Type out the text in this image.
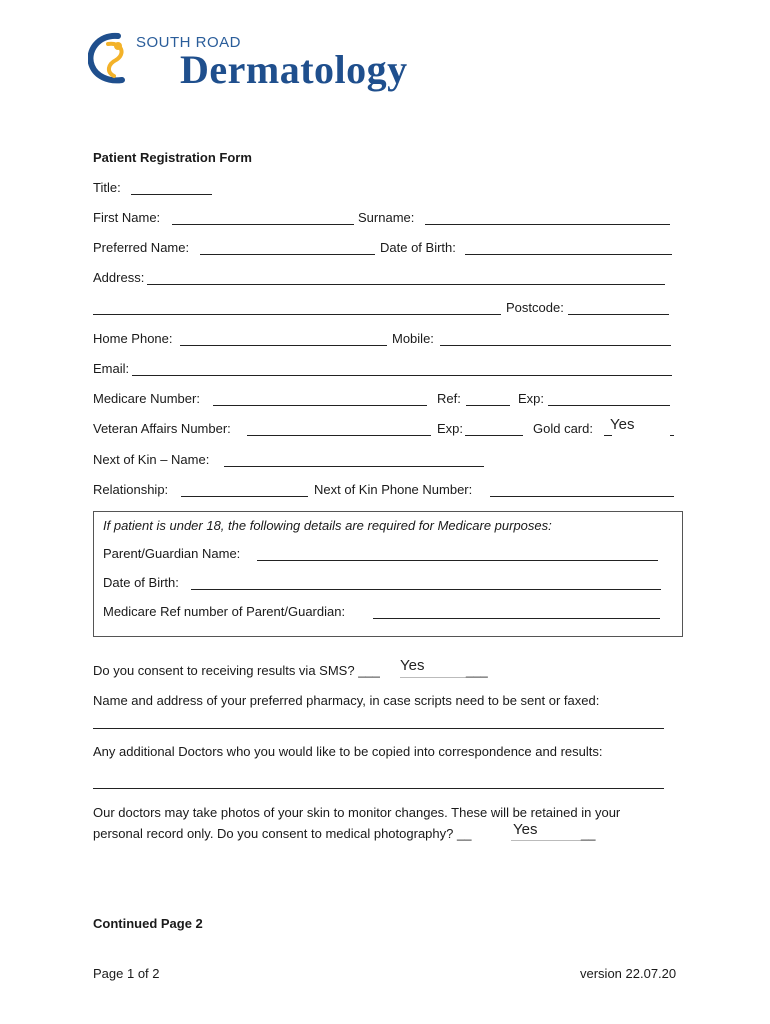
SOUTH ROAD
Dermatology
Patient Registration Form
Title:
First Name:	Surname:
Preferred Name:	Date of Birth:
Address:
Postcode:
Home Phone:	Mobile:
Email:
Medicare Number:	Ref:	Exp:
Veteran Affairs Number:	Exp:	Gold card: Yes
Next of Kin – Name:
Relationship:	Next of Kin Phone Number:
If patient is under 18, the following details are required for Medicare purposes:
Parent/Guardian Name:
Date of Birth:
Medicare Ref number of Parent/Guardian:
Do you consent to receiving results via SMS? ___ Yes	___
Name and address of your preferred pharmacy, in case scripts need to be sent or faxed:
Any additional Doctors who you would like to be copied into correspondence and results:
Our doctors may take photos of your skin to monitor changes. These will be retained in your
personal record only. Do you consent to medical photography? __	Yes	__
Continued Page 2
Page 1 of 2	version 22.07.20
